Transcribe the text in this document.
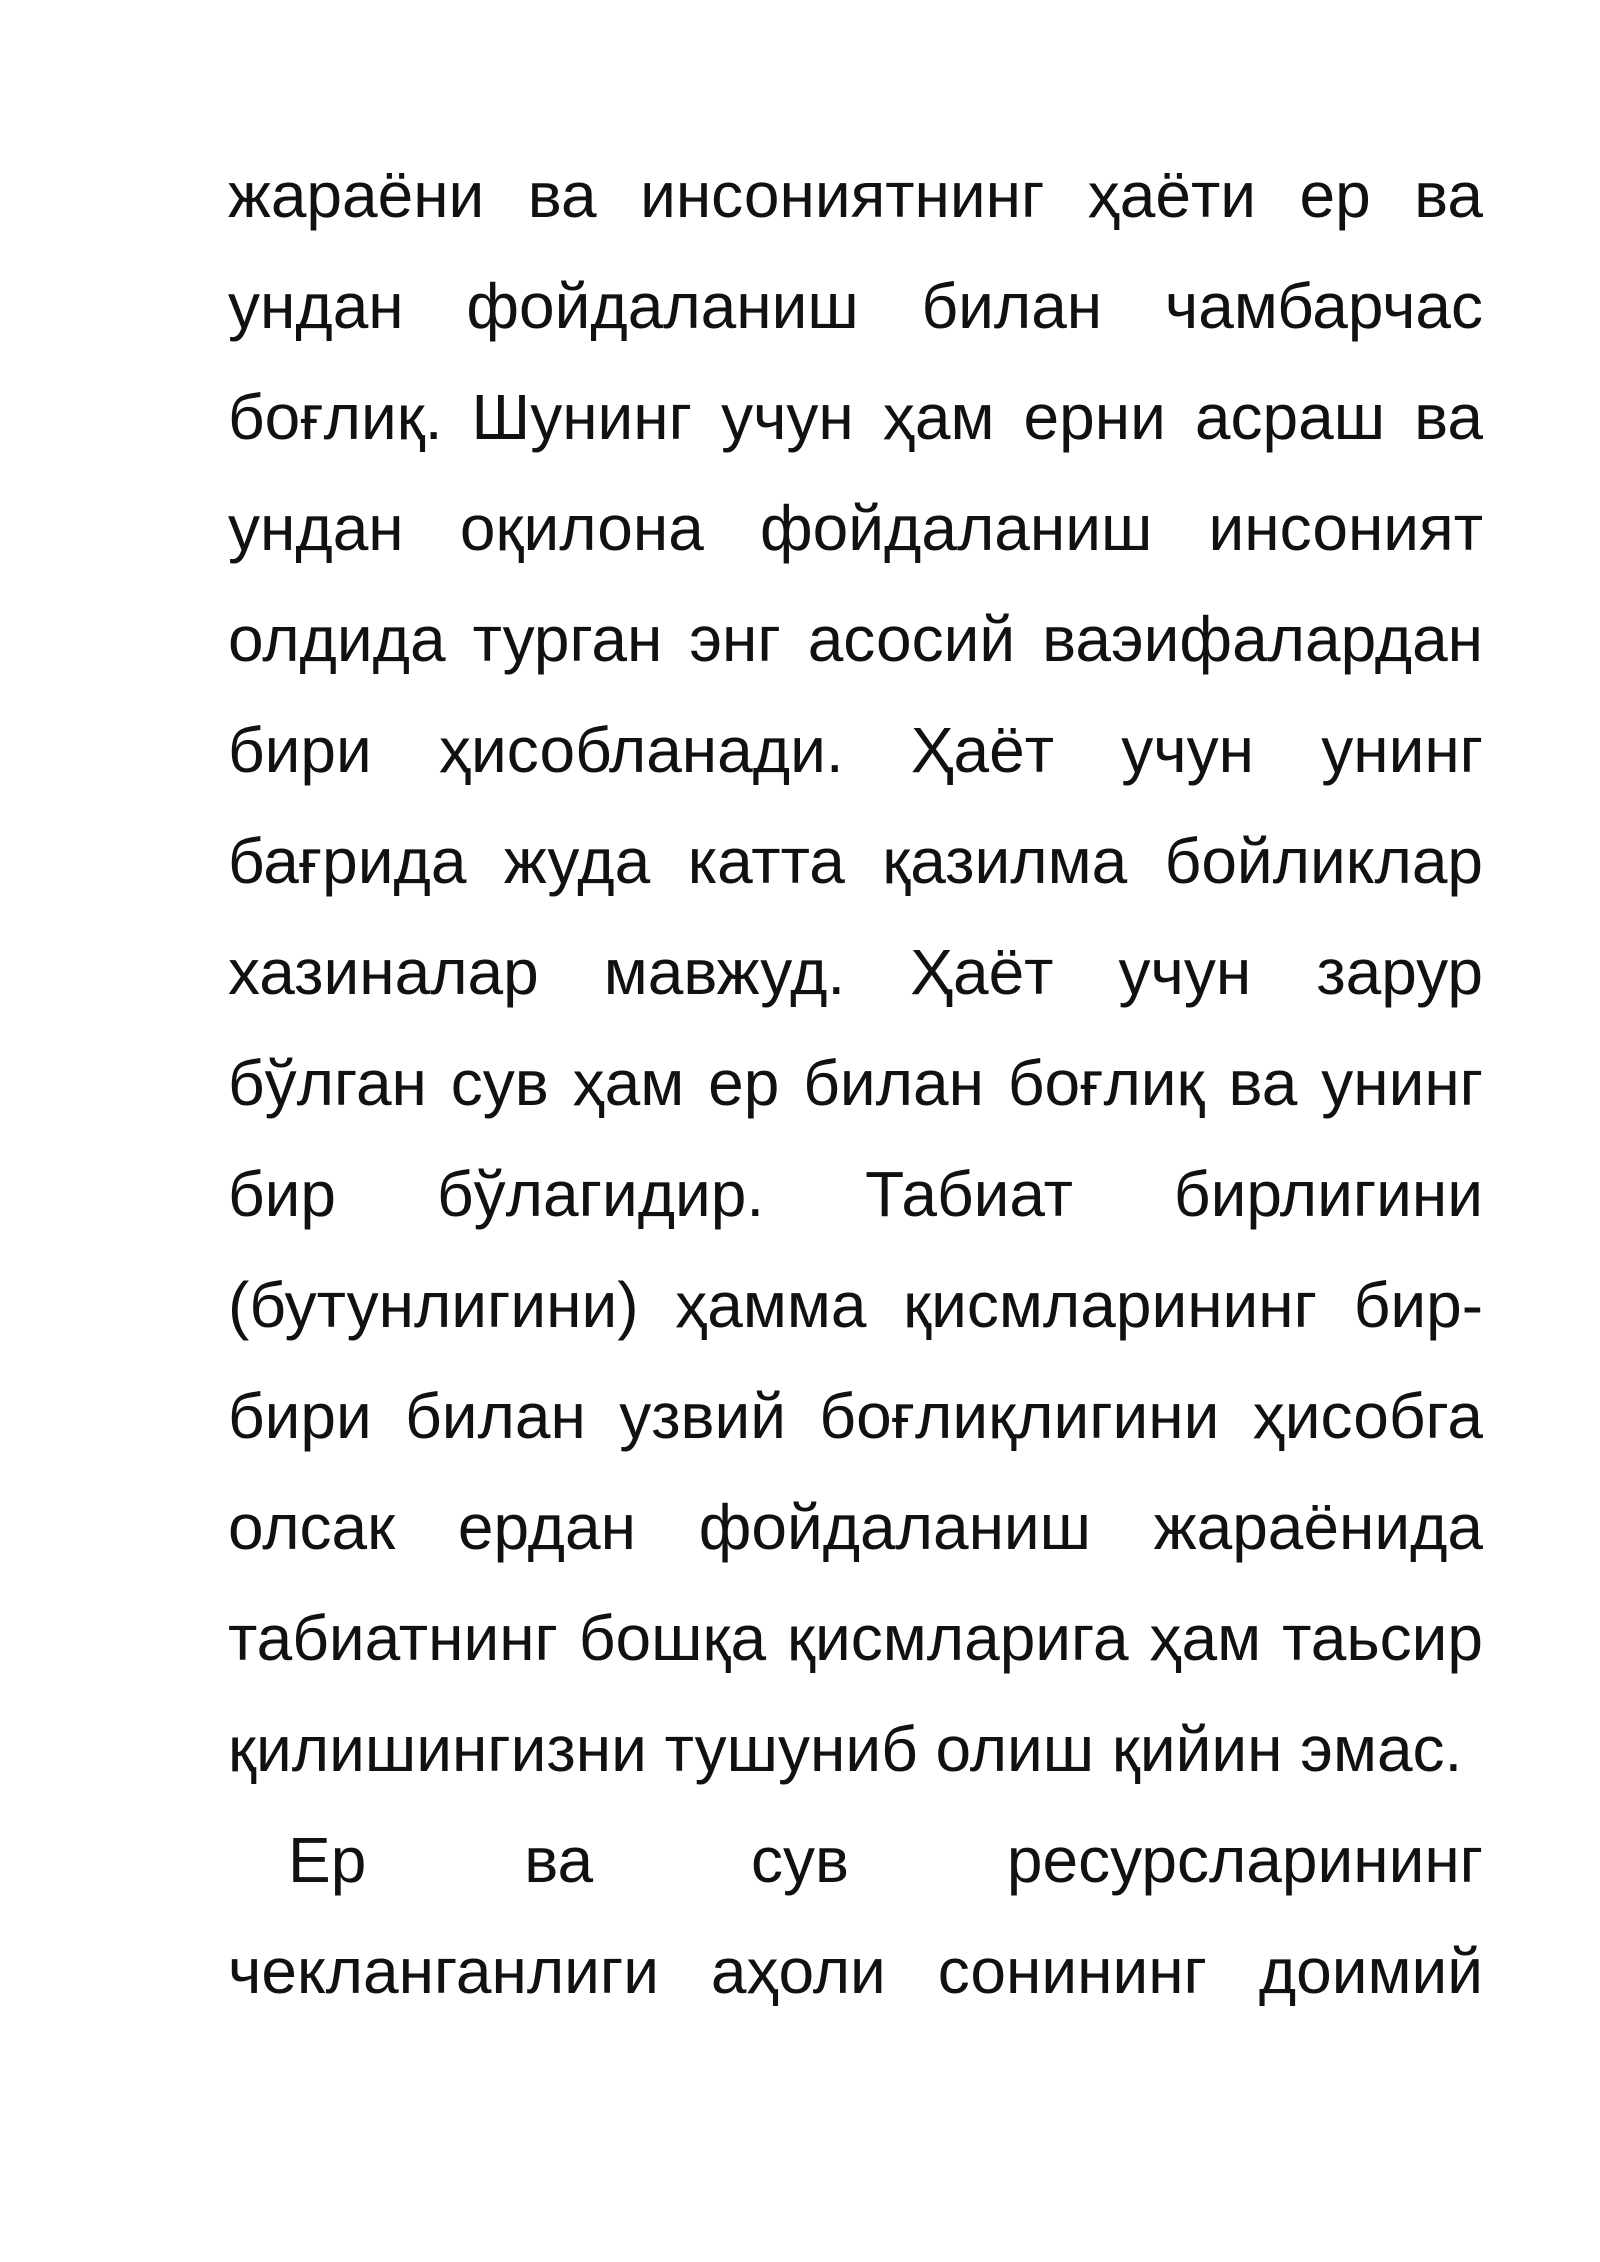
жараёни ва инсониятнинг ҳаёти ер ва
ундан фойдаланиш билан чамбарчас
боғлиқ. Шунинг учун ҳам ерни асраш ва
ундан оқилона фойдаланиш инсоният
олдида турган энг асосий ваэифалардан
бири ҳисобланади. Ҳаёт учун унинг
бағрида жуда катта қазилма бойликлар
хазиналар мавжуд. Ҳаёт учун зарур
бўлган сув ҳам ер билан боғлиқ ва унинг
бир бўлагидир. Табиат бирлигини
(бутунлигини) ҳамма қисмларининг бир-
бири билан узвий боғлиқлигини ҳисобга
олсак ердан фойдаланиш жараёнида
табиатнинг бошқа қисмларига ҳам таьсир
қилишингизни тушуниб олиш қийин эмас.
Ер ва сув ресурсларининг
чекланганлиги аҳоли сонининг доимий
